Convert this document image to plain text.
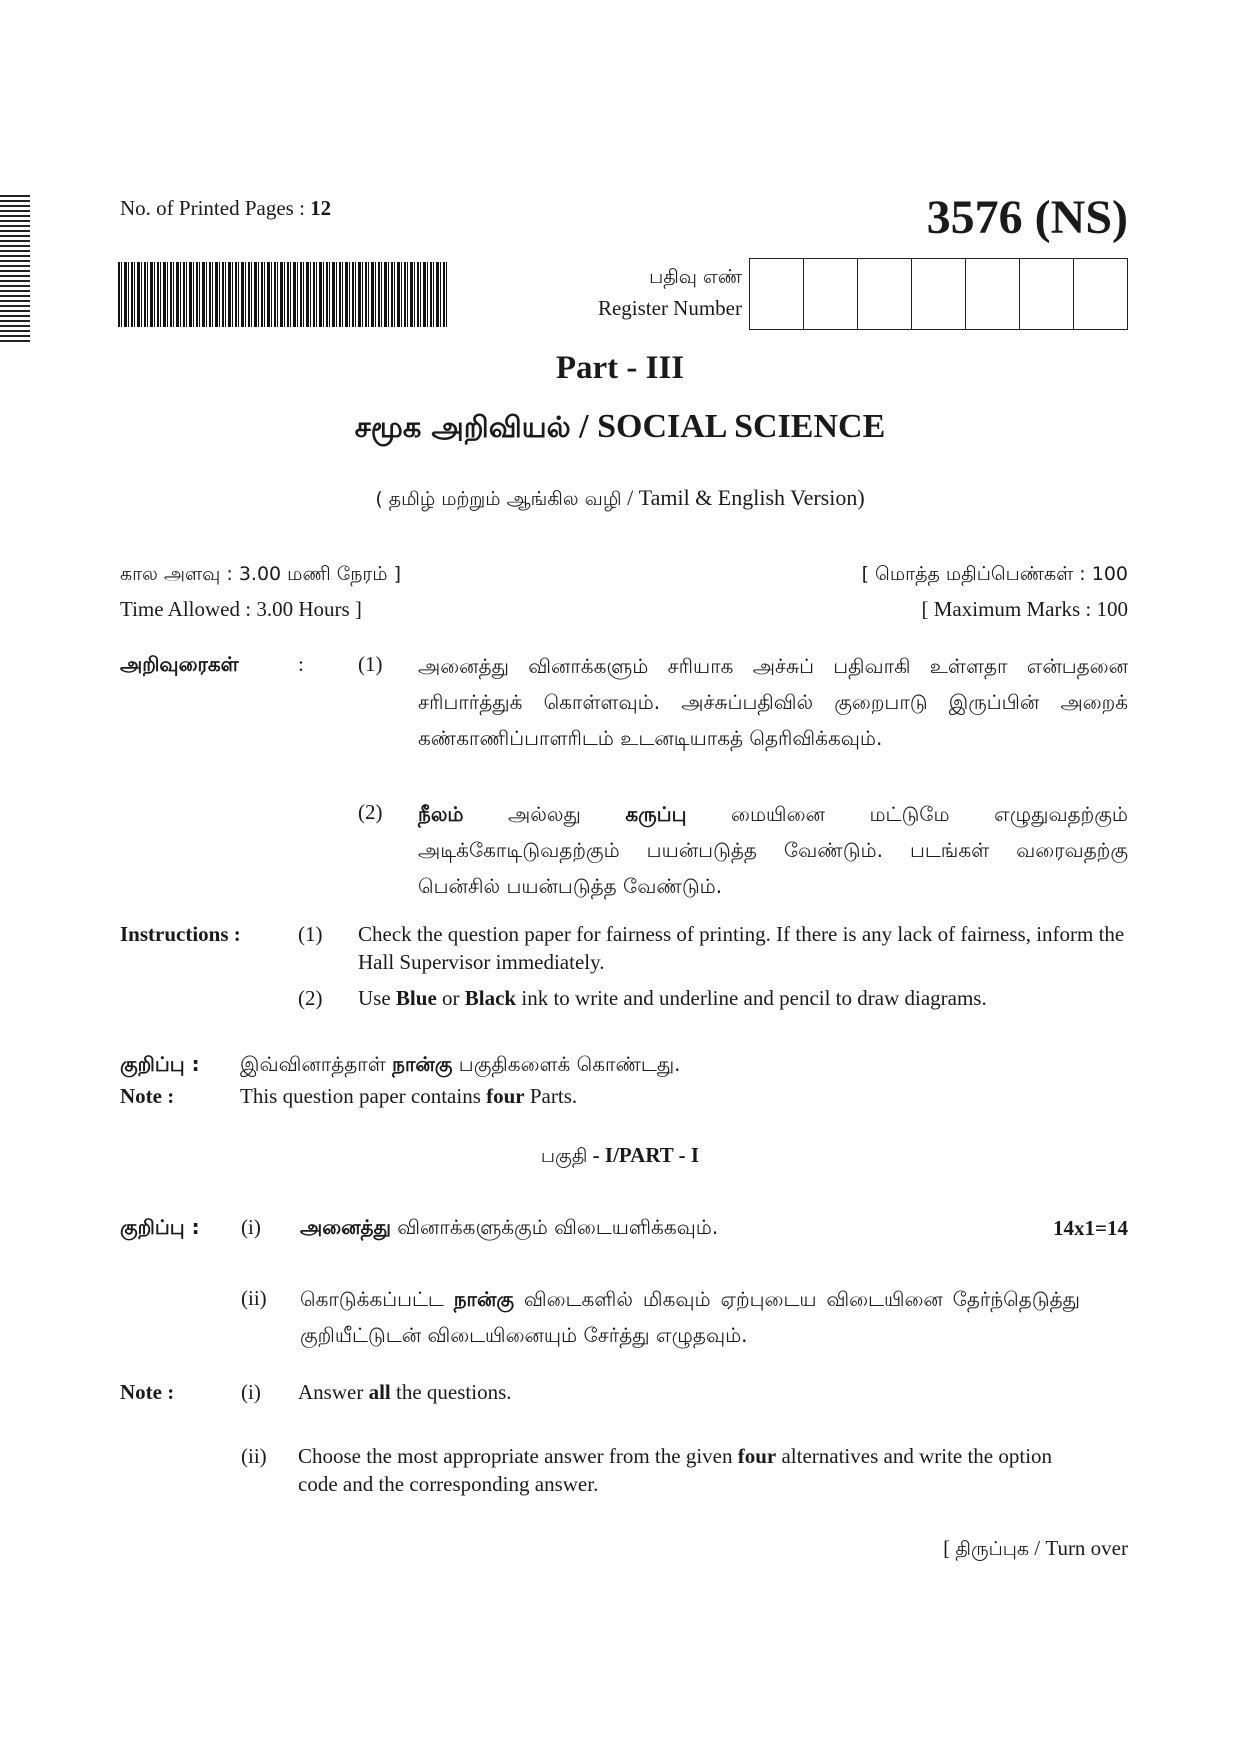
No. of Printed Pages : 12	3576 (NS)
பதிவு எண்
Register Number
Part - III
சமூக அறிவியல் / SOCIAL SCIENCE
( தமிழ் மற்றும் ஆங்கில வழி / Tamil & English Version)
கால அளவு : 3.00 மணி நேரம் ]
Time Allowed : 3.00 Hours ]
[ மொத்த மதிப்பெண்கள் : 100
[ Maximum Marks : 100
அறிவுரைகள்	:	(1) அனைத்து வினாக்களும் சரியாக அச்சுப் பதிவாகி உள்ளதா என்பதனை சரிபார்த்துக் கொள்ளவும். அச்சுப்பதிவில் குறைபாடு இருப்பின் அறைக் கண்காணிப்பாளரிடம் உடனடியாகத் தெரிவிக்கவும்.
(2) நீலம் அல்லது கருப்பு மையினை மட்டுமே எழுதுவதற்கும் அடிக்கோடிடுவதற்கும் பயன்படுத்த வேண்டும். படங்கள் வரைவதற்கு பென்சில் பயன்படுத்த வேண்டும்.
Instructions :	(1) Check the question paper for fairness of printing. If there is any lack of fairness, inform the Hall Supervisor immediately.
(2) Use Blue or Black ink to write and underline and pencil to draw diagrams.
குறிப்பு : இவ்வினாத்தாள் நான்கு பகுதிகளைக் கொண்டது.
Note :	This question paper contains four Parts.
பகுதி - I/PART - I
குறிப்பு : (i) அனைத்து வினாக்களுக்கும் விடையளிக்கவும்.	14x1=14
(ii) கொடுக்கப்பட்ட நான்கு விடைகளில் மிகவும் ஏற்புடைய விடையினை தேர்ந்தெடுத்து குறியீட்டுடன் விடையினையும் சேர்த்து எழுதவும்.
Note :	(i) Answer all the questions.
(ii) Choose the most appropriate answer from the given four alternatives and write the option code and the corresponding answer.
[ திருப்புக / Turn over
